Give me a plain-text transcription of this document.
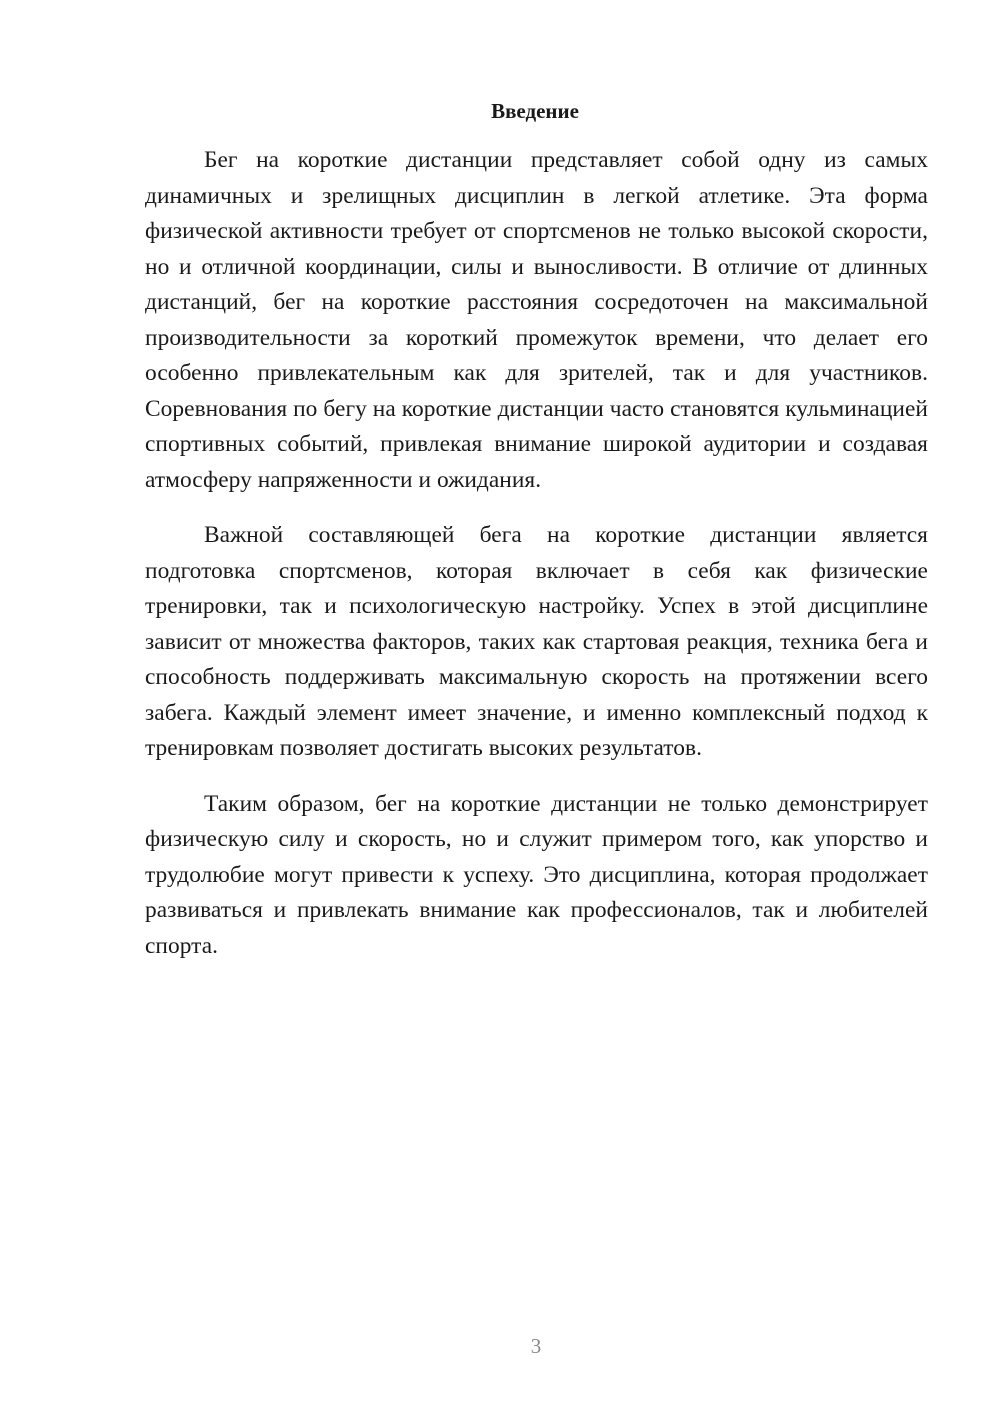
Введение

Бег на короткие дистанции представляет собой одну из самых динамичных и зрелищных дисциплин в легкой атлетике. Эта форма физической активности требует от спортсменов не только высокой скорости, но и отличной координации, силы и выносливости. В отличие от длинных дистанций, бег на короткие расстояния сосредоточен на максимальной производительности за короткий промежуток времени, что делает его особенно привлекательным как для зрителей, так и для участников. Соревнования по бегу на короткие дистанции часто становятся кульминацией спортивных событий, привлекая внимание широкой аудитории и создавая атмосферу напряженности и ожидания.

Важной составляющей бега на короткие дистанции является подготовка спортсменов, которая включает в себя как физические тренировки, так и психологическую настройку. Успех в этой дисциплине зависит от множества факторов, таких как стартовая реакция, техника бега и способность поддерживать максимальную скорость на протяжении всего забега. Каждый элемент имеет значение, и именно комплексный подход к тренировкам позволяет достигать высоких результатов.

Таким образом, бег на короткие дистанции не только демонстрирует физическую силу и скорость, но и служит примером того, как упорство и трудолюбие могут привести к успеху. Это дисциплина, которая продолжает развиваться и привлекать внимание как профессионалов, так и любителей спорта.

3
